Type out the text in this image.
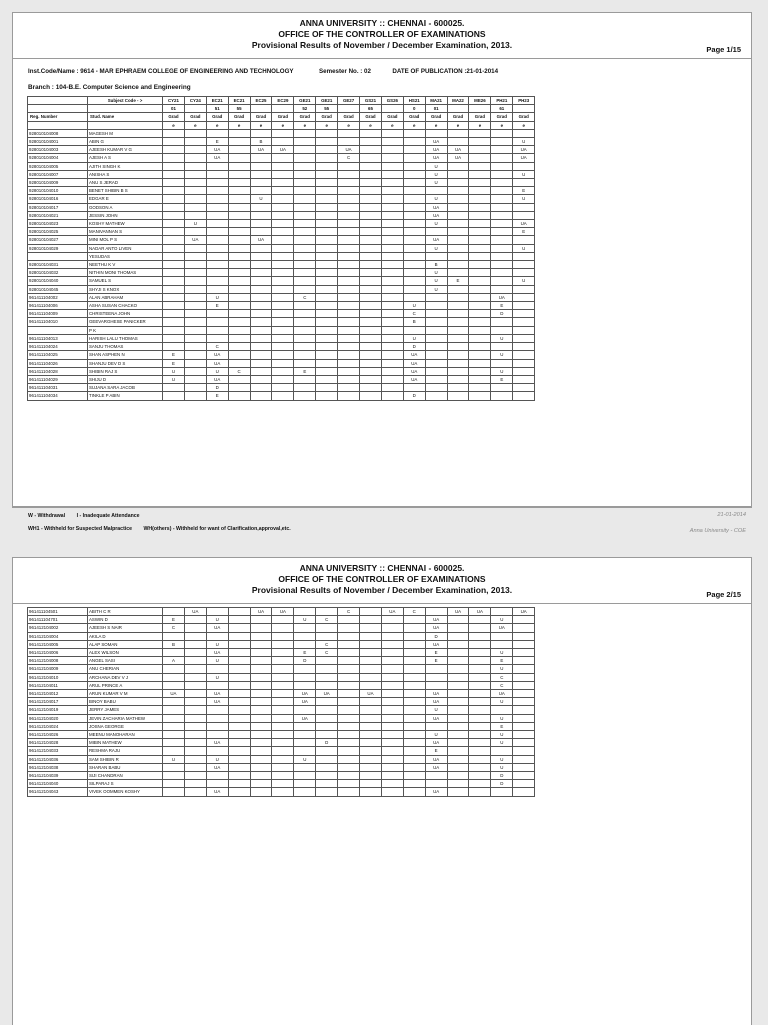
ANNA UNIVERSITY :: CHENNAI - 600025.
OFFICE OF THE CONTROLLER OF EXAMINATIONS
Provisional Results of November / December Examination, 2013.	Page 1/15
Inst.Code/Name : 9614 - MAR EPHRAEM COLLEGE OF ENGINEERING AND TECHNOLOGY	Semester No. : 02	DATE OF PUBLICATION :21-01-2014
Branch : 104-B.E. Computer Science and Engineering
	Subject Code - >	CY21	CY24	EC21	EC21	EC25	EC29	GE21	GE21	GE27	GS21	GS26	HS21	MA21	MA22	ME26	PH21	PH23
		01		51	55			52	55		65		0	01			61	
Reg. Number	Stud. Name	Grad	Grad	Grad	Grad	Grad	Grad	Grad	Grad	Grad	Grad	Grad	Grad	Grad	Grad	Grad	Grad	Grad
		e	e	e	e	e	e	e	e	e	e	e	e	e	e	e	e	e
928010104008	MAGESH M																	
928010104001	ABIN G			E		B								UA				U
928010104003	AJEESH KUMAR V G			UA		UA	UA			UA				UA	UA			UA
928010104004	AJESH A S			UA						C				UA	UA			UA
928010104005	AJITH SINGH K													U				
928010104007	ANISHA S													U				U
928010104009	ANU S JERAD													U				
928010104010	BENET SHIBIN B S																	E
928010104016	EDGAR E					U								U				U
928010104017	GODSON A													UA				
928010104021	JESSIN JOHN													UA				
928010104023	KOSHY MATHEW		U											U				UA
928010104025	MANIVANNAN S																	E
928010104027	MINI MOL P S		UA			UA								UA				
928010104029	NADAR ANTO LIVEN													U				U
	YESUDAS																	
928010104031	NEETHU K V													B				
928010104032	NITHIN MONI THOMAS													U				
928010104040	SAMUEL S													U	E			U
928010104045	SHYJI S KNOX													U				
961411104002	ALAN ABRAHAM			U				C									UA	
961411104006	ASHA SUSAN CHACKO			E									U				E	
961411104009	CHRISTEENA JOHN												C				D	
961411104010	GEEVARGHESE PANICKER												B					
	P K																	
961411104013	HARISH LALU THOMAS												U				U	
961411104024	SANJU THOMAS			C									D					
961411104025	SHAN ASPHEN N	E		UA									UA				U	
961411104026	SHANJU DEV D S	E		UA									UA					
961411104028	SHIBIN RAJ S	U		U	C			E					UA				U	
961411104029	SHIJU D	U		UA									UA				E	
961411104031	SUJANA SARA JACOB			D														
961411104034	TINKLE P ABIN			E									D					
W - Withdrawal I - Inadequate Attendance
WH1 - Withheld for Suspected Malpractice WH(others) - Withheld for want of Clarification,approval,etc.
21-01-2014
Anna University - COE
ANNA UNIVERSITY :: CHENNAI - 600025.
OFFICE OF THE CONTROLLER OF EXAMINATIONS
Provisional Results of November / December Examination, 2013.	Page 2/15
961411104501	ABITH C R		UA			UA	UA			C		UA	C		UA	UA		UA
961411104701	ASWIN D	E		U				U	C					UA			U	
961412104002	AJEESH S NAIR	C		UA										UA			UA	
961412104004	AKILA D													D				
961412104005	ALAP SOMAN	B		U					C					UA				
961412104006	ALEX WILSON			UA				E	C					E			U	
961412104008	ANGEL SASI	A		U				D						E			E	
961412104009	ANU CHERIAN																U	
961412104010	ARCHANA DEV V J			U													C	
961412104011	ARUL PRINCE A																C	
961412104012	ARUN KUMAR V M	UA		UA				UA	UA		UA			UA			UA	
961412104017	BINOY BABU			UA				UA						UA			U	
961412104019	JERRY JAMES													U				
961412104020	JEVIN ZACHARIA MATHEW							UA						UA			U	
961412104024	JOSNA GEORGE																E	
961412104026	MEENU MANOHARAN													U			U	
961412104028	MIBIN MATHEW			UA					D					UA			U	
961412104033	RESHMA RAJU													E				
961412104036	SAM SHIBIN R	U		U				U						UA			U	
961412104038	SHARAN BABU			UA										UA			U	
961412104039	SIJI CHANDRAN																D	
961412104040	SILPARAJ S																D	
961412104043	VIVEK OOMMEN KOSHY			UA										UA				
